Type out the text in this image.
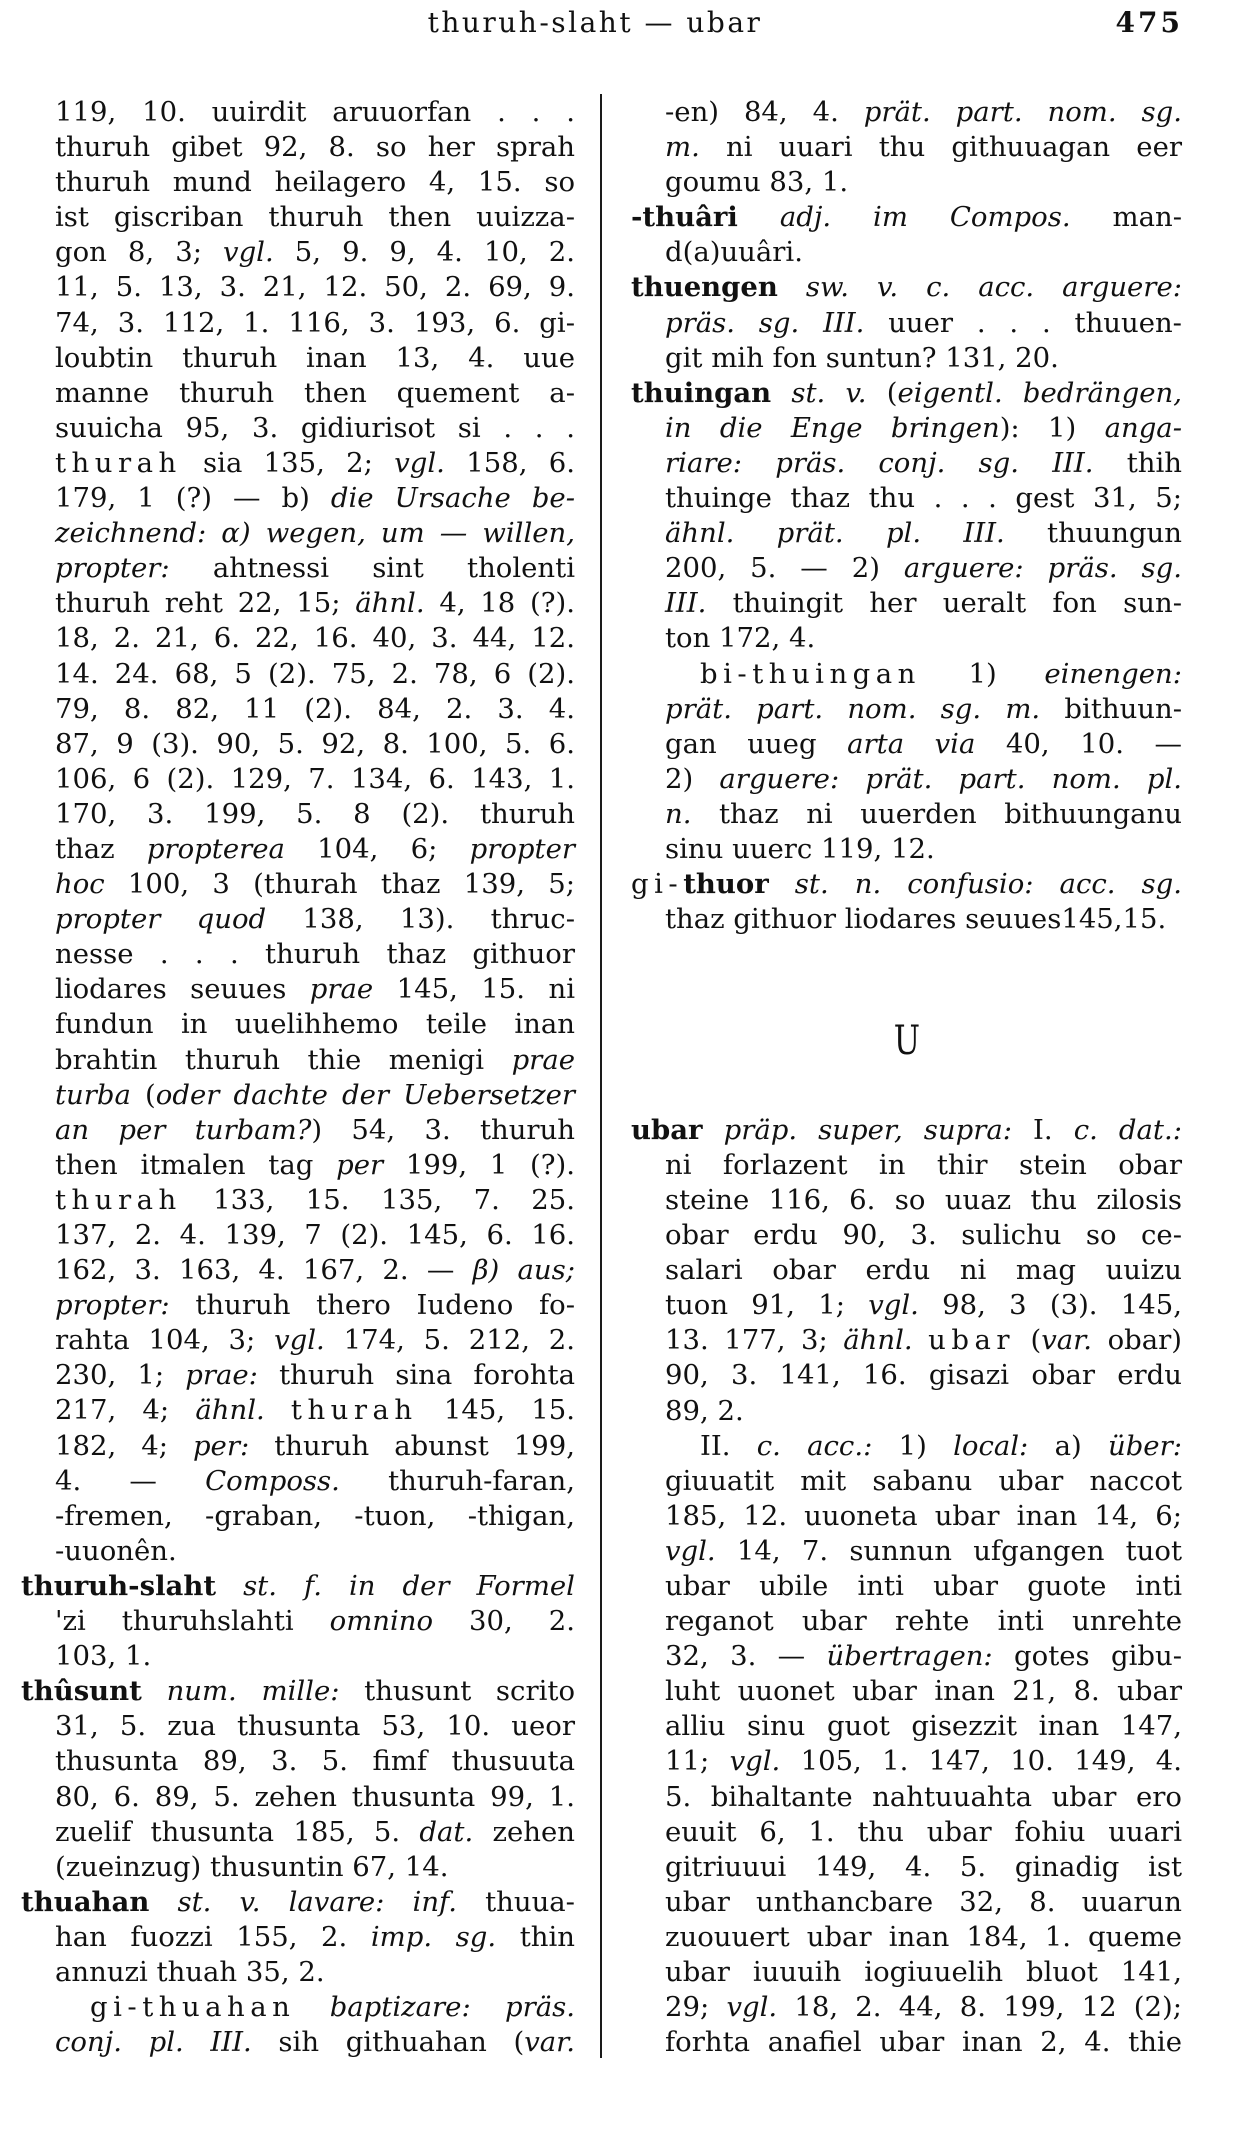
thuruh-slaht — ubar	475
119, 10. uuirdit aruuorfan . . .
thuruh gibet 92, 8. so her sprah
thuruh mund heilagero 4, 15. so
ist giscriban thuruh then uuizza-
gon 8, 3; vgl. 5, 9. 9, 4. 10, 2.
11, 5. 13, 3. 21, 12. 50, 2. 69, 9.
74, 3. 112, 1. 116, 3. 193, 6. gi-
loubtin thuruh inan 13, 4. uue
manne thuruh then quement a-
suuicha 95, 3. gidiurisot si . . .
thurah sia 135, 2; vgl. 158, 6.
179, 1 (?) — b) die Ursache be-
zeichnend: α) wegen, um — willen,
propter: ahtnessi sint tholenti
thuruh reht 22, 15; ähnl. 4, 18 (?).
18, 2. 21, 6. 22, 16. 40, 3. 44, 12.
14. 24. 68, 5 (2). 75, 2. 78, 6 (2).
79, 8. 82, 11 (2). 84, 2. 3. 4.
87, 9 (3). 90, 5. 92, 8. 100, 5. 6.
106, 6 (2). 129, 7. 134, 6. 143, 1.
170, 3. 199, 5. 8 (2). thuruh
thaz propterea 104, 6; propter
hoc 100, 3 (thurah thaz 139, 5;
propter quod 138, 13). thruc-
nesse . . . thuruh thaz githuor
liodares seuues prae 145, 15. ni
fundun in uuelihhemo teile inan
brahtin thuruh thie menigi prae
turba (oder dachte der Uebersetzer
an per turbam?) 54, 3. thuruh
then itmalen tag per 199, 1 (?).
thurah 133, 15. 135, 7. 25.
137, 2. 4. 139, 7 (2). 145, 6. 16.
162, 3. 163, 4. 167, 2. — β) aus;
propter: thuruh thero Iudeno fo-
rahta 104, 3; vgl. 174, 5. 212, 2.
230, 1; prae: thuruh sina forohta
217, 4; ähnl. thurah 145, 15.
182, 4; per: thuruh abunst 199,
4. — Composs. thuruh-faran,
-fremen, -graban, -tuon, -thigan,
-uuonên.
thuruh-slaht st. f. in der Formel
'zi thuruhslahti omnino 30, 2.
103, 1.
thûsunt num. mille: thusunt scrito
31, 5. zua thusunta 53, 10. ueor
thusunta 89, 3. 5. fimf thusuuta
80, 6. 89, 5. zehen thusunta 99, 1.
zuelif thusunta 185, 5. dat. zehen
(zueinzug) thusuntin 67, 14.
thuahan st. v. lavare: inf. thuua-
han fuozzi 155, 2. imp. sg. thin
annuzi thuah 35, 2.
gi-thuahan baptizare: präs.
conj. pl. III. sih githuahan (var.
-en) 84, 4. prät. part. nom. sg.
m. ni uuari thu githuuagan eer
goumu 83, 1.
-thuâri adj. im Compos. man-
d(a)uuâri.
thuengen sw. v. c. acc. arguere:
präs. sg. III. uuer . . . thuuen-
git mih fon suntun? 131, 20.
thuingan st. v. (eigentl. bedrängen,
in die Enge bringen): 1) anga-
riare: präs. conj. sg. III. thih
thuinge thaz thu . . . gest 31, 5;
ähnl. prät. pl. III. thuungun
200, 5. — 2) arguere: präs. sg.
III. thuingit her ueralt fon sun-
ton 172, 4.
bi-thuingan 1) einengen:
prät. part. nom. sg. m. bithuun-
gan uueg arta via 40, 10. —
2) arguere: prät. part. nom. pl.
n. thaz ni uuerden bithuunganu
sinu uuerc 119, 12.
gi-thuor st. n. confusio: acc. sg.
thaz githuor liodares seuues145,15.
U
ubar präp. super, supra: I. c. dat.:
ni forlazent in thir stein obar
steine 116, 6. so uuaz thu zilosis
obar erdu 90, 3. sulichu so ce-
salari obar erdu ni mag uuizu
tuon 91, 1; vgl. 98, 3 (3). 145,
13. 177, 3; ähnl. ubar (var. obar)
90, 3. 141, 16. gisazi obar erdu
89, 2.
II. c. acc.: 1) local: a) über:
giuuatit mit sabanu ubar naccot
185, 12. uuoneta ubar inan 14, 6;
vgl. 14, 7. sunnun ufgangen tuot
ubar ubile inti ubar guote inti
reganot ubar rehte inti unrehte
32, 3. — übertragen: gotes gibu-
luht uuonet ubar inan 21, 8. ubar
alliu sinu guot gisezzit inan 147,
11; vgl. 105, 1. 147, 10. 149, 4.
5. bihaltante nahtuuahta ubar ero
euuit 6, 1. thu ubar fohiu uuari
gitriuuui 149, 4. 5. ginadig ist
ubar unthancbare 32, 8. uuarun
zuouuert ubar inan 184, 1. queme
ubar iuuuih iogiuuelih bluot 141,
29; vgl. 18, 2. 44, 8. 199, 12 (2);
forhta anafiel ubar inan 2, 4. thie
